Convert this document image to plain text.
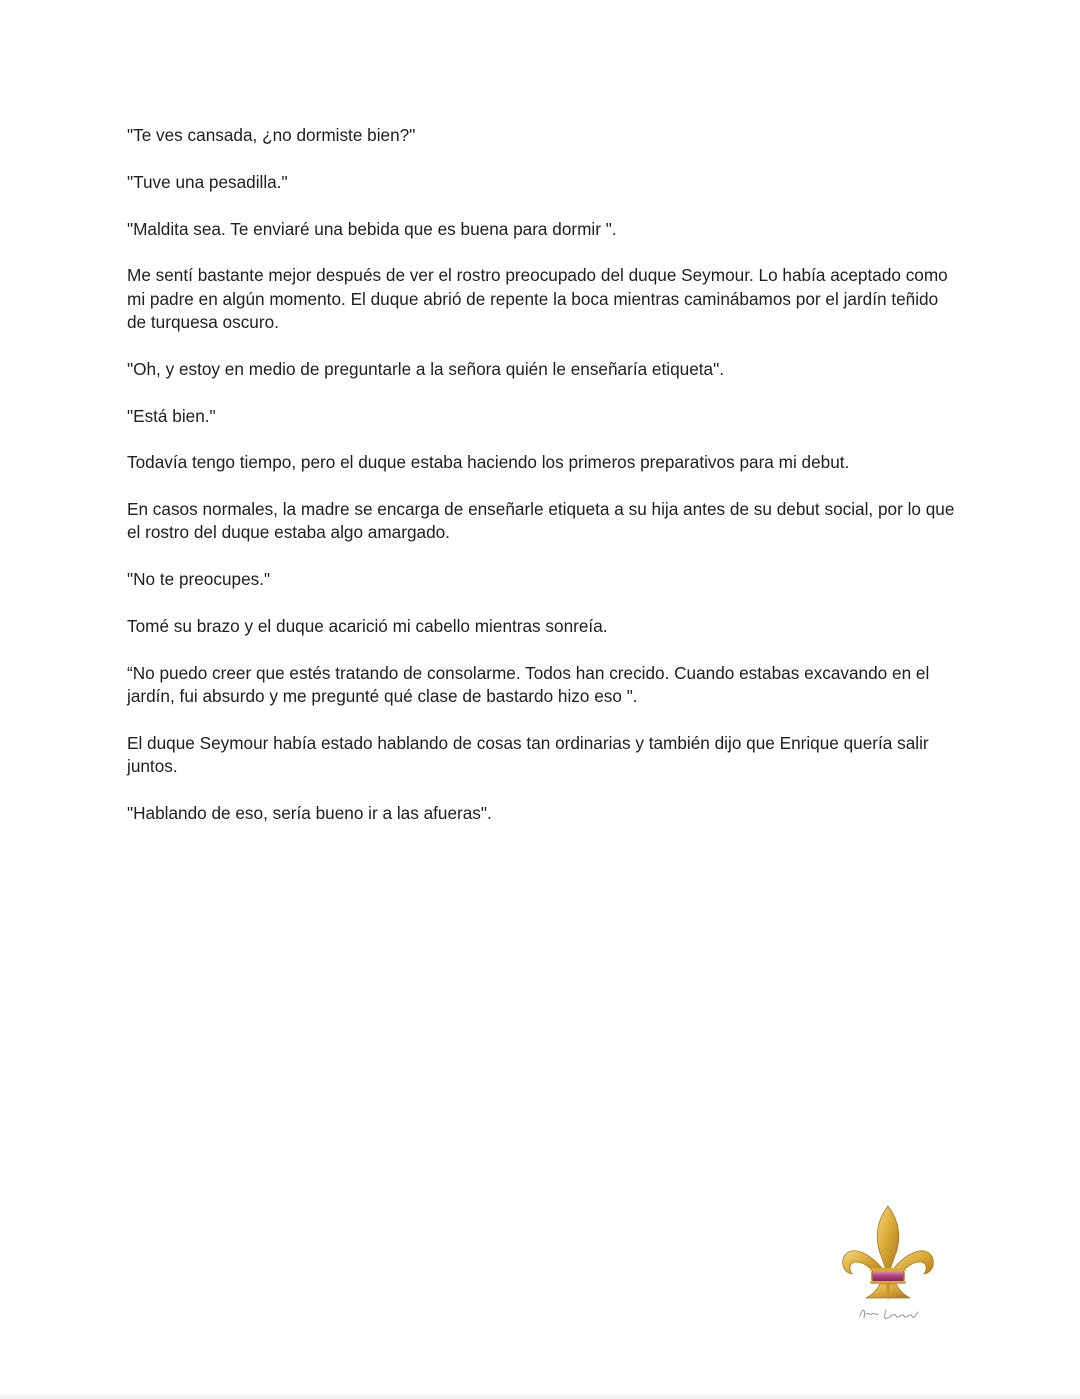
"Te ves cansada, ¿no dormiste bien?"

"Tuve una pesadilla."

"Maldita sea. Te enviaré una bebida que es buena para dormir ".

Me sentí bastante mejor después de ver el rostro preocupado del duque Seymour. Lo había aceptado como mi padre en algún momento. El duque abrió de repente la boca mientras caminábamos por el jardín teñido de turquesa oscuro.

"Oh, y estoy en medio de preguntarle a la señora quién le enseñaría etiqueta".

"Está bien."

Todavía tengo tiempo, pero el duque estaba haciendo los primeros preparativos para mi debut.

En casos normales, la madre se encarga de enseñarle etiqueta a su hija antes de su debut social, por lo que el rostro del duque estaba algo amargado.

"No te preocupes."

Tomé su brazo y el duque acarició mi cabello mientras sonreía.

“No puedo creer que estés tratando de consolarme. Todos han crecido. Cuando estabas excavando en el jardín, fui absurdo y me pregunté qué clase de bastardo hizo eso ".

El duque Seymour había estado hablando de cosas tan ordinarias y también dijo que Enrique quería salir juntos.

"Hablando de eso, sería bueno ir a las afueras".
